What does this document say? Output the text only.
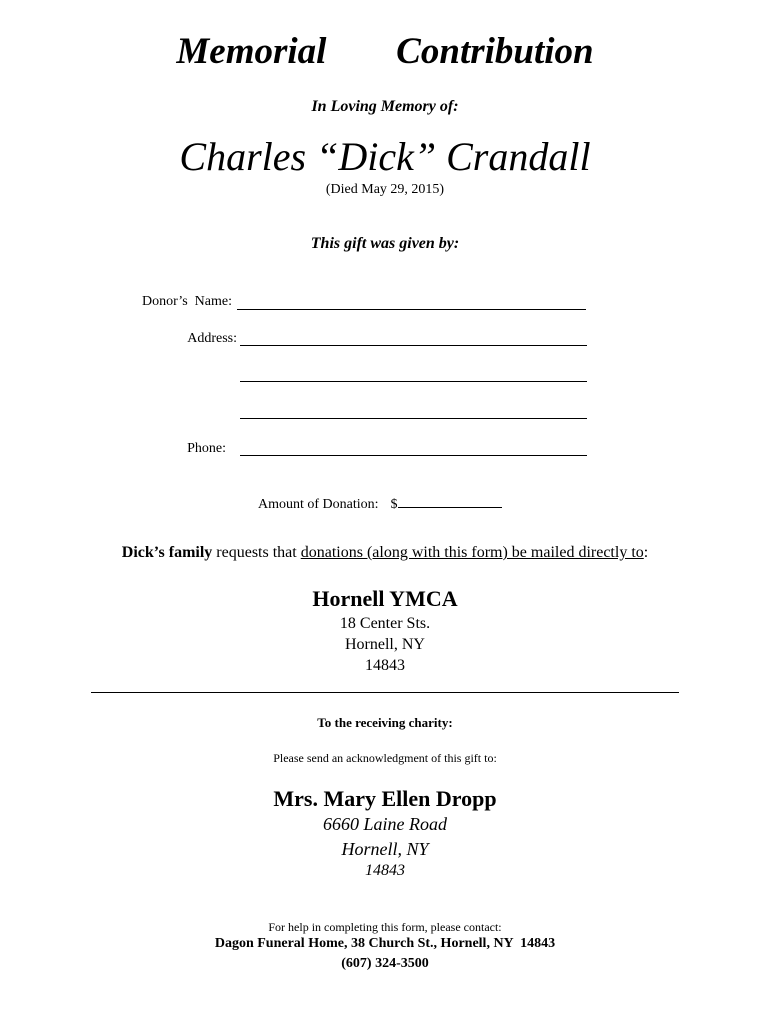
Memorial   Contribution
In Loving Memory of:
Charles “Dick” Crandall
(Died May 29, 2015)
This gift was given by:
Donor’s  Name:
Address:
Phone:
Amount of Donation: $
Dick’s family requests that donations (along with this form) be mailed directly to:
Hornell YMCA
18 Center Sts.
Hornell, NY
14843
To the receiving charity:
Please send an acknowledgment of this gift to:
Mrs. Mary Ellen Dropp
6660 Laine Road
Hornell, NY
14843
For help in completing this form, please contact:
Dagon Funeral Home, 38 Church St., Hornell, NY  14843
(607) 324-3500
